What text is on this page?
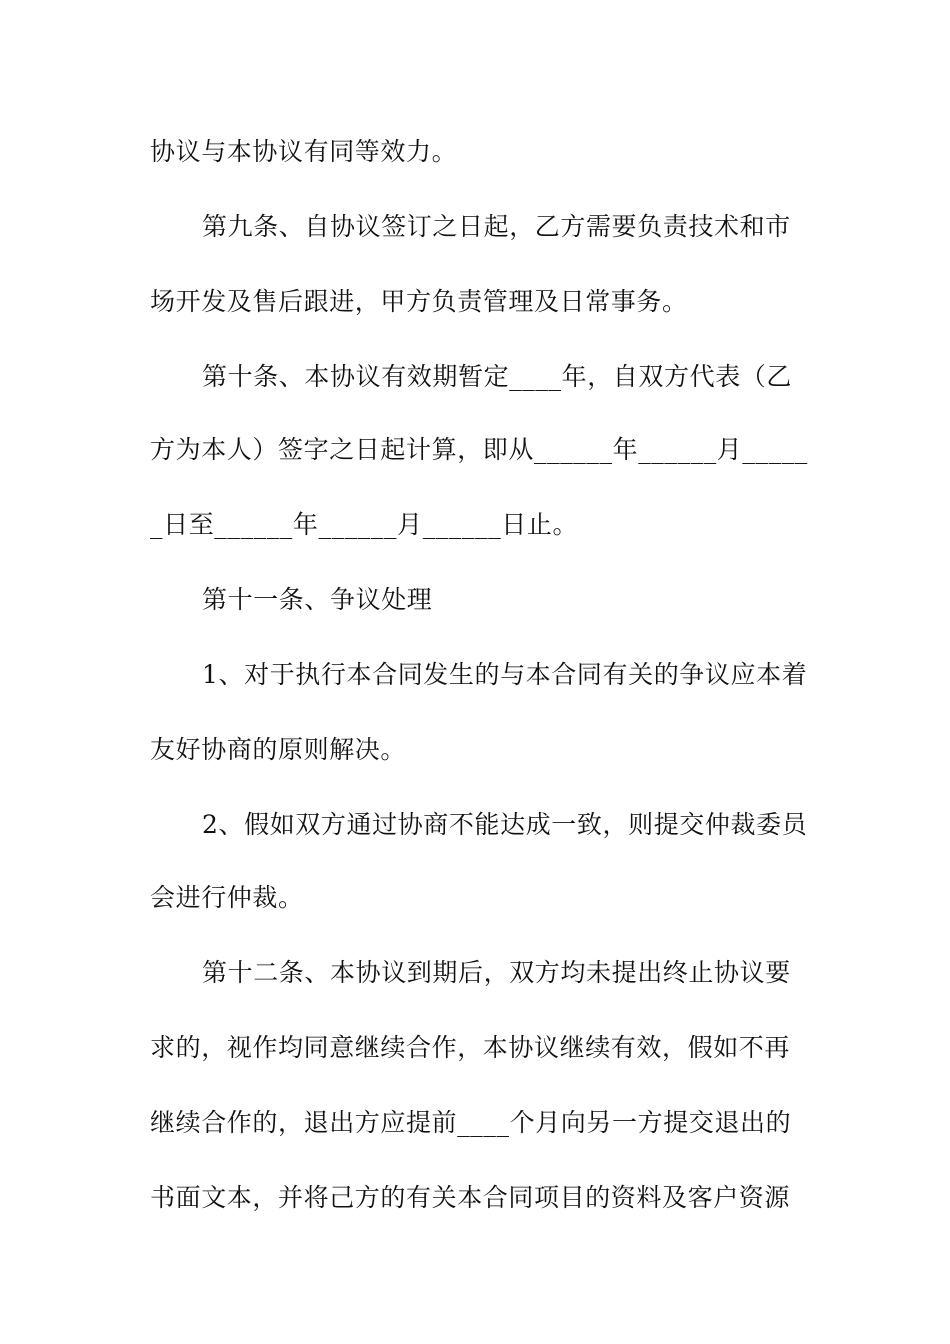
协议与本协议有同等效力。
第九条、自协议签订之日起，乙方需要负责技术和市
场开发及售后跟进，甲方负责管理及日常事务。
第十条、本协议有效期暂定____年，自双方代表（乙
方为本人）签字之日起计算，即从______年______月_____
_日至______年______月______日止。
第十一条、争议处理
1、对于执行本合同发生的与本合同有关的争议应本着
友好协商的原则解决。
2、假如双方通过协商不能达成一致，则提交仲裁委员
会进行仲裁。
第十二条、本协议到期后，双方均未提出终止协议要
求的，视作均同意继续合作，本协议继续有效，假如不再
继续合作的，退出方应提前____个月向另一方提交退出的
书面文本，并将己方的有关本合同项目的资料及客户资源
